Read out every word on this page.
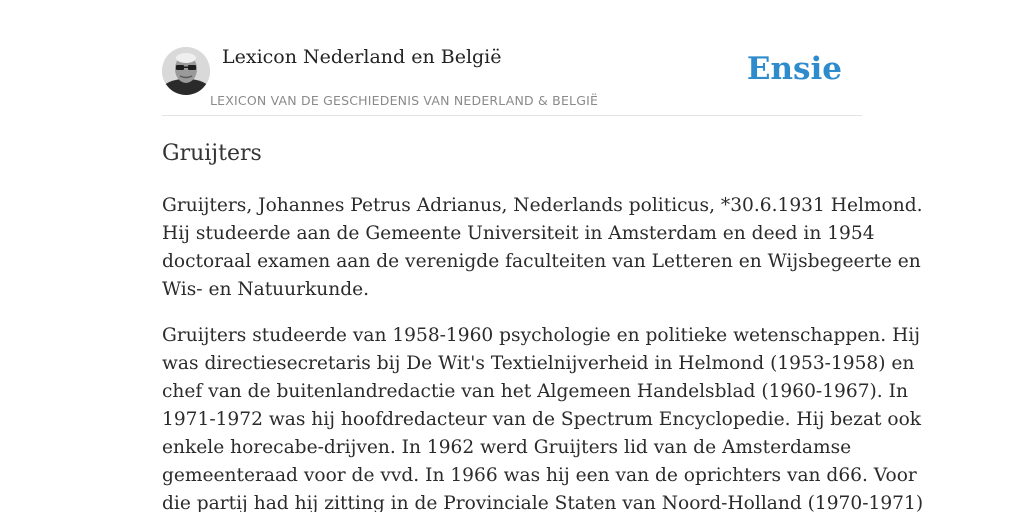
Lexicon Nederland en België
LEXICON VAN DE GESCHIEDENIS VAN NEDERLAND & BELGIË
Ensie
Gruijters

Gruijters, Johannes Petrus Adrianus, Nederlands politicus, *30.6.1931 Helmond.
Hij studeerde aan de Gemeente Universiteit in Amsterdam en deed in 1954
doctoraal examen aan de verenigde faculteiten van Letteren en Wijsbegeerte en
Wis- en Natuurkunde.

Gruijters studeerde van 1958-1960 psychologie en politieke wetenschappen. Hij
was directiesecretaris bij De Wit's Textielnijverheid in Helmond (1953-1958) en
chef van de buitenlandredactie van het Algemeen Handelsblad (1960-1967). In
1971-1972 was hij hoofdredacteur van de Spectrum Encyclopedie. Hij bezat ook
enkele horecabe-drijven. In 1962 werd Gruijters lid van de Amsterdamse
gemeenteraad voor de vvd. In 1966 was hij een van de oprichters van d66. Voor
die partij had hij zitting in de Provinciale Staten van Noord-Holland (1970-1971)
